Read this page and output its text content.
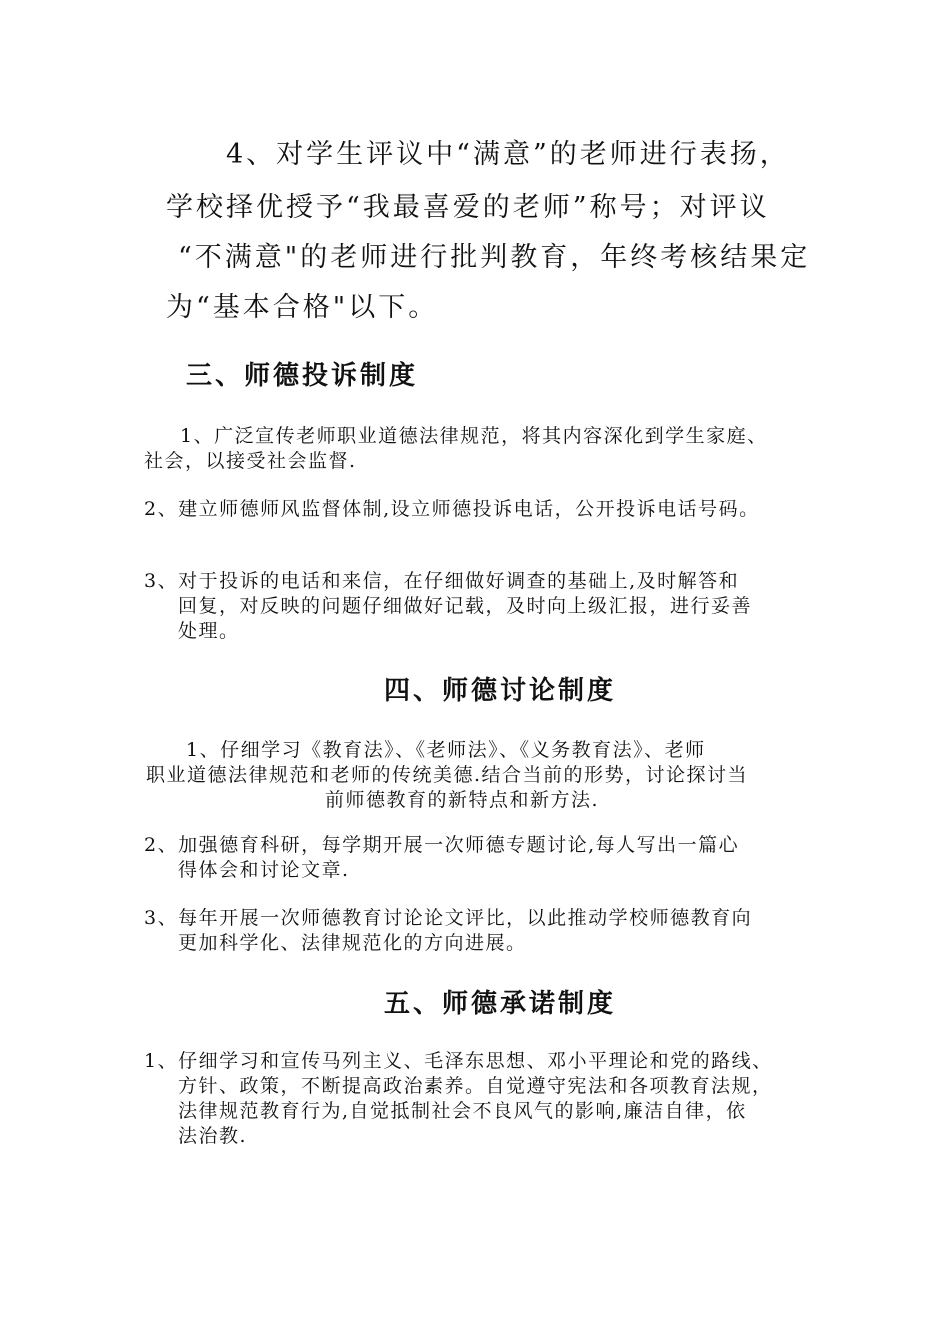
4、对学生评议中“满意”的老师进行表扬，

学校择优授予“我最喜爱的老师”称号；对评议

“不满意"的老师进行批判教育，年终考核结果定

为“基本合格"以下。

三、师德投诉制度

1、广泛宣传老师职业道德法律规范，将其内容深化到学生家庭、

社会，以接受社会监督.

2、建立师德师风监督体制,设立师德投诉电话，公开投诉电话号码。

3、对于投诉的电话和来信，在仔细做好调查的基础上,及时解答和

回复，对反映的问题仔细做好记载，及时向上级汇报，进行妥善

处理。

四、师德讨论制度

1、仔细学习《教育法》、《老师法》、《义务教育法》、老师

职业道德法律规范和老师的传统美德.结合当前的形势，讨论探讨当

前师德教育的新特点和新方法.

2、加强德育科研，每学期开展一次师德专题讨论,每人写出一篇心

得体会和讨论文章.

3、每年开展一次师德教育讨论论文评比，以此推动学校师德教育向

更加科学化、法律规范化的方向进展。

五、师德承诺制度

1、仔细学习和宣传马列主义、毛泽东思想、邓小平理论和党的路线、

方针、政策，不断提高政治素养。自觉遵守宪法和各项教育法规，

法律规范教育行为,自觉抵制社会不良风气的影响,廉洁自律，依

法治教.
